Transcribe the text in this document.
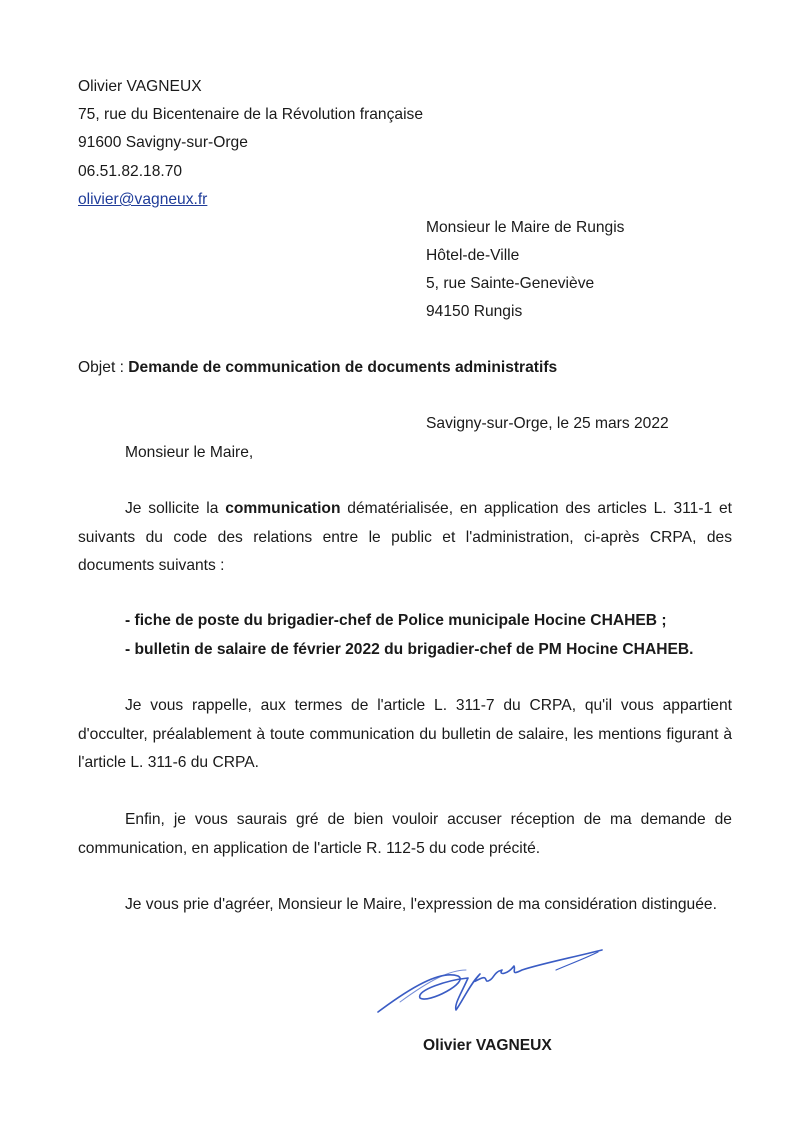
Olivier VAGNEUX
75, rue du Bicentenaire de la Révolution française
91600 Savigny-sur-Orge
06.51.82.18.70
olivier@vagneux.fr
Monsieur le Maire de Rungis
Hôtel-de-Ville
5, rue Sainte-Geneviève
94150 Rungis
Objet : Demande de communication de documents administratifs
Savigny-sur-Orge, le 25 mars 2022
Monsieur le Maire,
Je sollicite la communication dématérialisée, en application des articles L. 311-1 et suivants du code des relations entre le public et l'administration, ci-après CRPA, des documents suivants :
- fiche de poste du brigadier-chef de Police municipale Hocine CHAHEB ;
- bulletin de salaire de février 2022 du brigadier-chef de PM Hocine CHAHEB.
Je vous rappelle, aux termes de l'article L. 311-7 du CRPA, qu'il vous appartient d'occulter, préalablement à toute communication du bulletin de salaire, les mentions figurant à l'article L. 311-6 du CRPA.
Enfin, je vous saurais gré de bien vouloir accuser réception de ma demande de communication, en application de l'article R. 112-5 du code précité.
Je vous prie d'agréer, Monsieur le Maire, l'expression de ma considération distinguée.
Olivier VAGNEUX
